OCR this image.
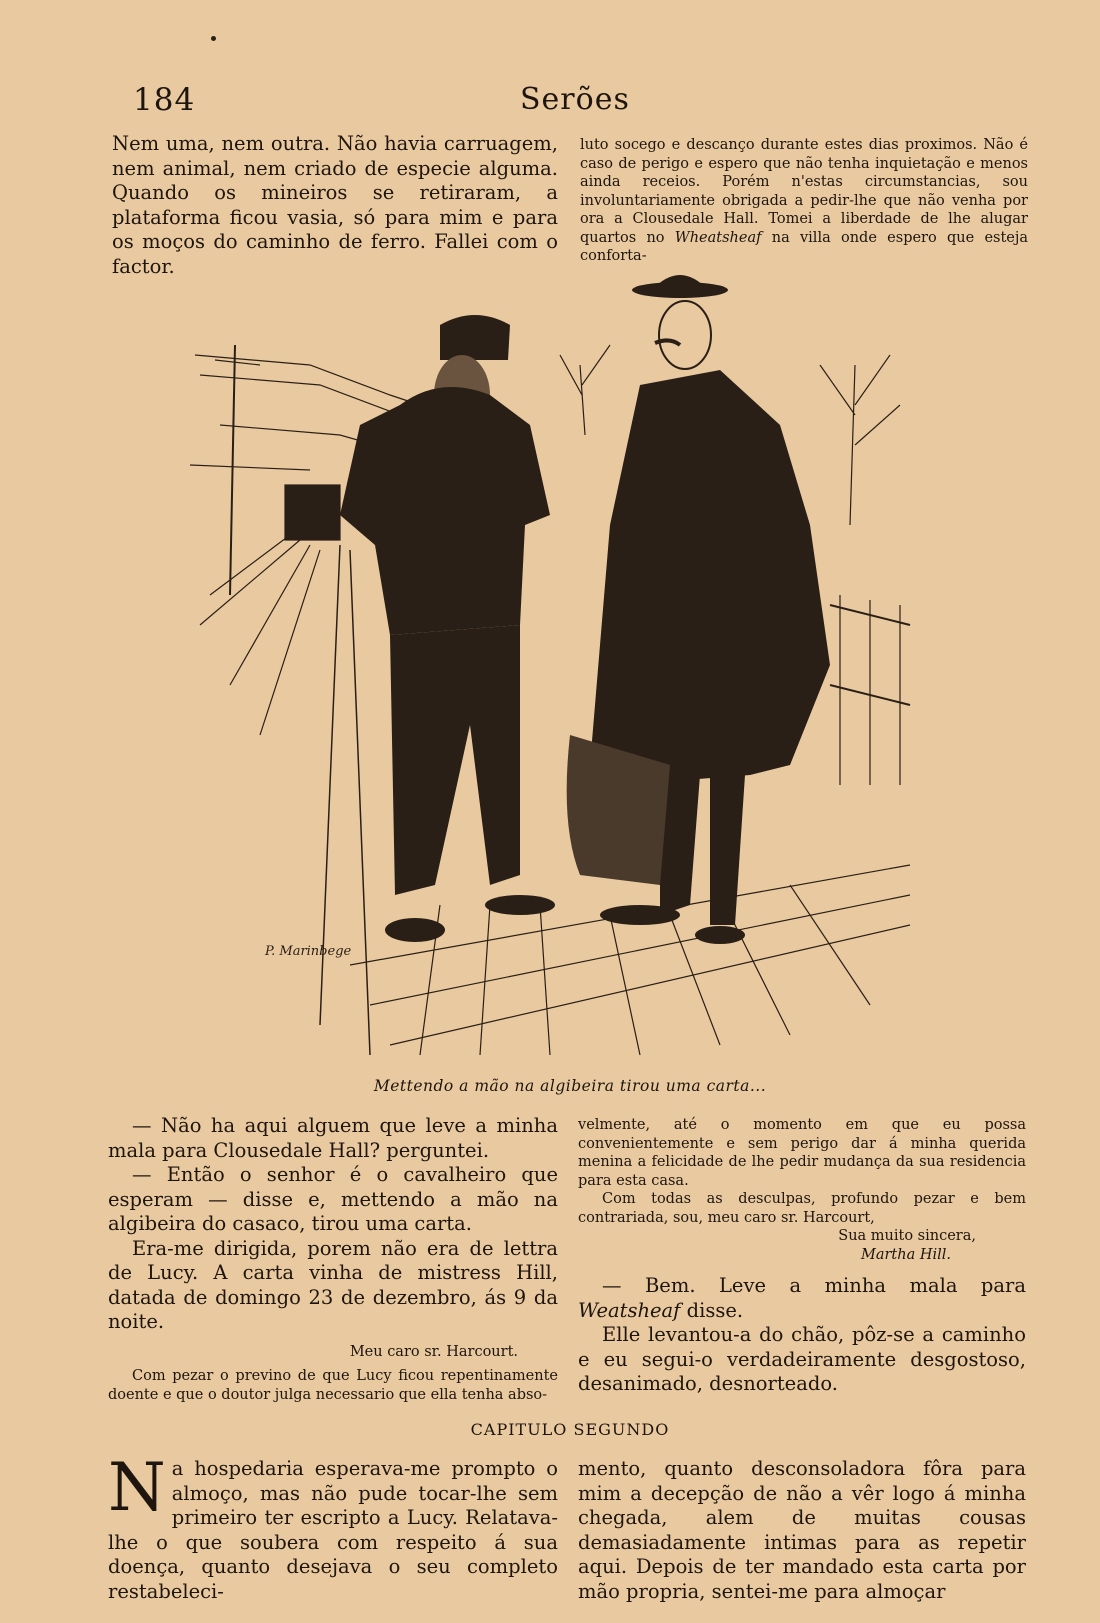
184	Serões

Nem uma, nem outra. Não havia carruagem, nem animal, nem criado de especie alguma. Quando os mineiros se retiraram, a plataforma ficou vasia, só para mim e para os moços do caminho de ferro. Fallei com o factor.

luto socego e descanço durante estes dias proximos. Não é caso de perigo e espero que não tenha inquietação e menos ainda receios. Porém n'estas circumstancias, sou involuntariamente obrigada a pedir-lhe que não venha por ora a Clousedale Hall. Tomei a liberdade de lhe alugar quartos no Wheatsheaf na villa onde espero que esteja conforta-

P. Marinbege
Mettendo a mão na algibeira tirou uma carta...

— Não ha aqui alguem que leve a minha mala para Clousedale Hall? perguntei.

— Então o senhor é o cavalheiro que esperam — disse e, mettendo a mão na algibeira do casaco, tirou uma carta.

Era-me dirigida, porem não era de lettra de Lucy. A carta vinha de mistress Hill, datada de domingo 23 de dezembro, ás 9 da noite.

Meu caro sr. Harcourt.

Com pezar o previno de que Lucy ficou repentinamente doente e que o doutor julga necessario que ella tenha abso-

velmente, até o momento em que eu possa convenientemente e sem perigo dar á minha querida menina a felicidade de lhe pedir mudança da sua residencia para esta casa.

Com todas as desculpas, profundo pezar e bem contrariada, sou, meu caro sr. Harcourt,

Sua muito sincera,

Martha Hill.

— Bem. Leve a minha mala para Weatsheaf disse.

Elle levantou-a do chão, pôz-se a caminho e eu segui-o verdadeiramente desgostoso, desanimado, desnorteado.

CAPITULO SEGUNDO
N a hospedaria esperava-me prompto o almoço, mas não pude tocar-lhe sem primeiro ter escripto a Lucy. Relatava-lhe o que soubera com respeito á sua doença, quanto desejava o seu completo restabeleci-

mento, quanto desconsoladora fôra para mim a decepção de não a vêr logo á minha chegada, alem de muitas cousas demasiadamente intimas para as repetir aqui. Depois de ter mandado esta carta por mão propria, sentei-me para almoçar
